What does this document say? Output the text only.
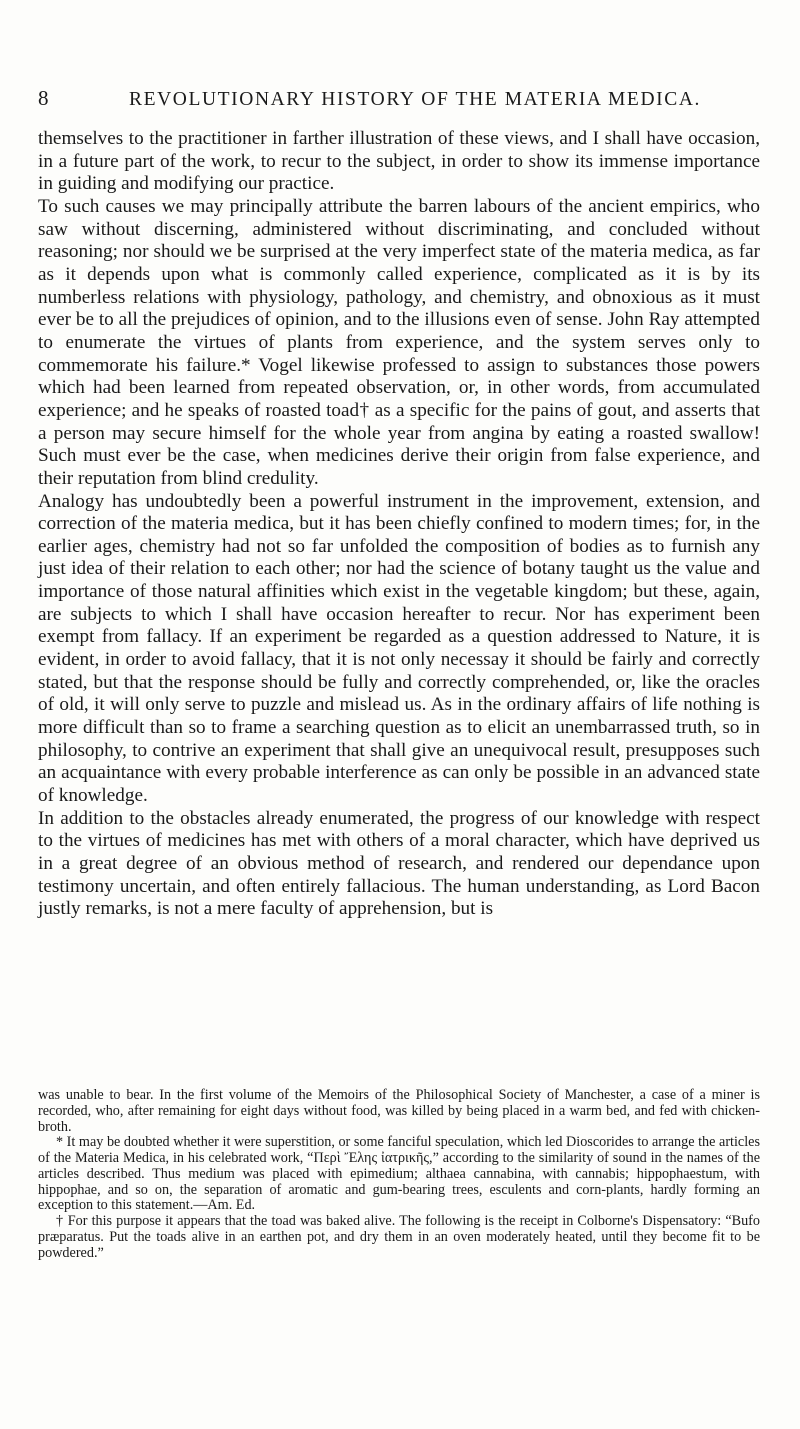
8	REVOLUTIONARY HISTORY OF THE MATERIA MEDICA.

themselves to the practitioner in farther illustration of these views, and I shall have occasion, in a future part of the work, to recur to the subject, in order to show its immense importance in guiding and modifying our practice.

To such causes we may principally attribute the barren labours of the ancient empirics, who saw without discerning, administered without discriminating, and concluded without reasoning; nor should we be surprised at the very imperfect state of the materia medica, as far as it depends upon what is commonly called experience, complicated as it is by its numberless relations with physiology, pathology, and chemistry, and obnoxious as it must ever be to all the prejudices of opinion, and to the illusions even of sense. John Ray attempted to enumerate the virtues of plants from experience, and the system serves only to commemorate his failure.* Vogel likewise professed to assign to substances those powers which had been learned from repeated observation, or, in other words, from accumulated experience; and he speaks of roasted toad† as a specific for the pains of gout, and asserts that a person may secure himself for the whole year from angina by eating a roasted swallow! Such must ever be the case, when medicines derive their origin from false experience, and their reputation from blind credulity.

Analogy has undoubtedly been a powerful instrument in the improvement, extension, and correction of the materia medica, but it has been chiefly confined to modern times; for, in the earlier ages, chemistry had not so far unfolded the composition of bodies as to furnish any just idea of their relation to each other; nor had the science of botany taught us the value and importance of those natural affinities which exist in the vegetable kingdom; but these, again, are subjects to which I shall have occasion hereafter to recur. Nor has experiment been exempt from fallacy. If an experiment be regarded as a question addressed to Nature, it is evident, in order to avoid fallacy, that it is not only necessay it should be fairly and correctly stated, but that the response should be fully and correctly comprehended, or, like the oracles of old, it will only serve to puzzle and mislead us. As in the ordinary affairs of life nothing is more difficult than so to frame a searching question as to elicit an unembarrassed truth, so in philosophy, to contrive an experiment that shall give an unequivocal result, presupposes such an acquaintance with every probable interference as can only be possible in an advanced state of knowledge.

In addition to the obstacles already enumerated, the progress of our knowledge with respect to the virtues of medicines has met with others of a moral character, which have deprived us in a great degree of an obvious method of research, and rendered our dependance upon testimony uncertain, and often entirely fallacious. The human understanding, as Lord Bacon justly remarks, is not a mere faculty of apprehension, but is

was unable to bear. In the first volume of the Memoirs of the Philosophical Society of Manchester, a case of a miner is recorded, who, after remaining for eight days without food, was killed by being placed in a warm bed, and fed with chicken-broth.

* It may be doubted whether it were superstition, or some fanciful speculation, which led Dioscorides to arrange the articles of the Materia Medica, in his celebrated work, “Περὶ Ἔλης ἰατρικῆς,” according to the similarity of sound in the names of the articles described. Thus medium was placed with epimedium; althaea cannabina, with cannabis; hippophaestum, with hippophae, and so on, the separation of aromatic and gum-bearing trees, esculents and corn-plants, hardly forming an exception to this statement.—Am. Ed.

† For this purpose it appears that the toad was baked alive. The following is the receipt in Colborne's Dispensatory: “Bufo præparatus. Put the toads alive in an earthen pot, and dry them in an oven moderately heated, until they become fit to be powdered.”
